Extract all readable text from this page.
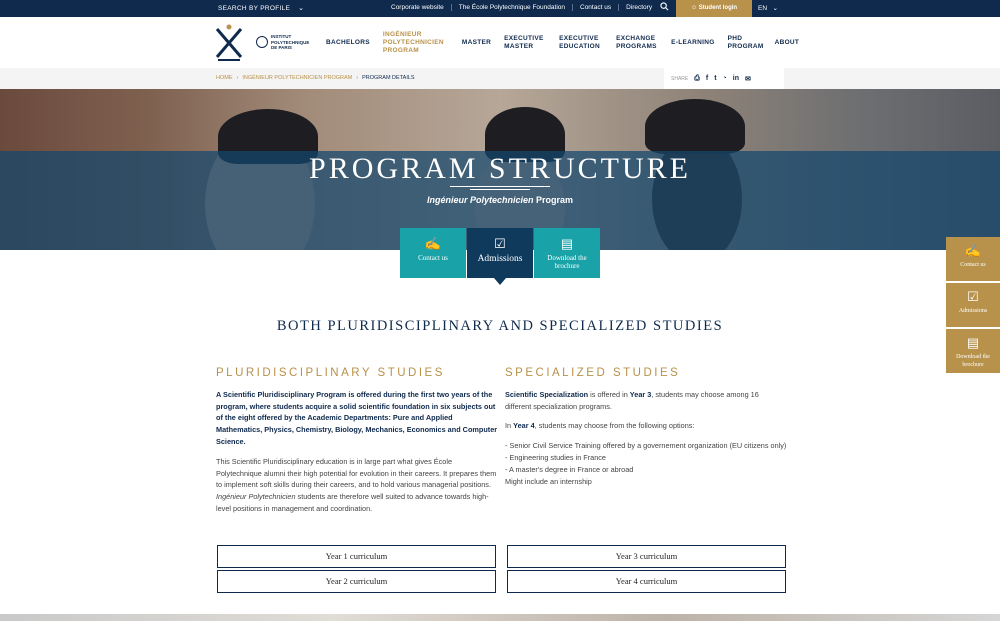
SEARCH BY PROFILE ⌄	Corporate website	The École Polytechnique Foundation	Contact us	Directory	☺ Student login	EN ⌄
INSTITUT
POLYTECHNIQUE
DE PARIS
BACHELORS
INGÉNIEUR POLYTECHNICIEN PROGRAM
MASTER
EXECUTIVE MASTER
EXECUTIVE EDUCATION
EXCHANGE PROGRAMS
E-LEARNING
PHD PROGRAM
ABOUT
HOME › INGÉNIEUR POLYTECHNICIEN PROGRAM › PROGRAM DETAILS	SHARE ⎙ f t ◔ in ✉
PROGRAM STRUCTURE
Ingénieur Polytechnicien Program
✍
Contact us
☑
Admissions
▤
Download the brochure
✍
Contact us
☑
Admissions
▤
Download the brochure
BOTH PLURIDISCIPLINARY AND SPECIALIZED STUDIES
PLURIDISCIPLINARY STUDIES

A Scientific Pluridisciplinary Program is offered during the first two years of the program, where students acquire a solid scientific foundation in six subjects out of the eight offered by the Academic Departments: Pure and Applied Mathematics, Physics, Chemistry, Biology, Mechanics, Economics and Computer Science.

This Scientific Pluridisciplinary education is in large part what gives École Polytechnique alumni their high potential for evolution in their careers. It prepares them to implement soft skills during their careers, and to hold various managerial positions. Ingénieur Polytechnicien students are therefore well suited to advance towards high-level positions in management and coordination.

SPECIALIZED STUDIES

Scientific Specialization is offered in Year 3, students may choose among 16 different specialization programs.

In Year 4, students may choose from the following options:

- Senior Civil Service Training offered by a governement organization (EU citizens only)
- Engineering studies in France
- A master's degree in France or abroad
Might include an internship
Year 1 curriculum
Year 2 curriculum
Year 3 curriculum
Year 4 curriculum
